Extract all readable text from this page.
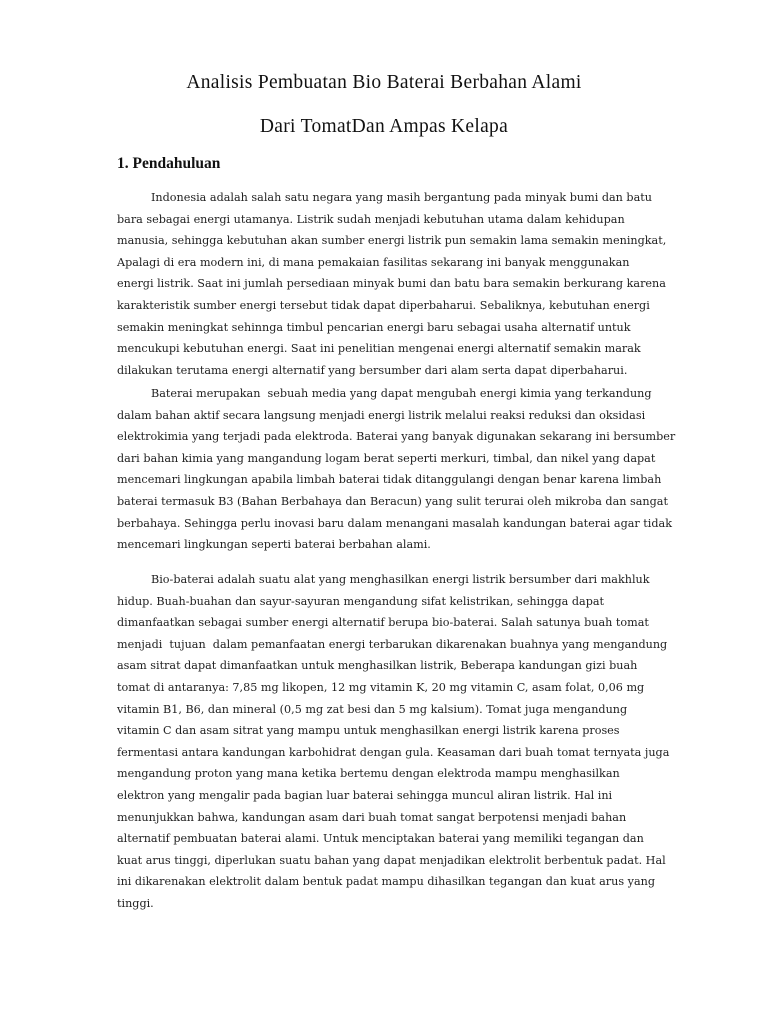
Analisis Pembuatan Bio Baterai Berbahan Alami
Dari TomatDan Ampas Kelapa
1. Pendahuluan
Indonesia adalah salah satu negara yang masih bergantung pada minyak bumi dan batu
bara sebagai energi utamanya. Listrik sudah menjadi kebutuhan utama dalam kehidupan
manusia, sehingga kebutuhan akan sumber energi listrik pun semakin lama semakin meningkat,
Apalagi di era modern ini, di mana pemakaian fasilitas sekarang ini banyak menggunakan
energi listrik. Saat ini jumlah persediaan minyak bumi dan batu bara semakin berkurang karena
karakteristik sumber energi tersebut tidak dapat diperbaharui. Sebaliknya, kebutuhan energi
semakin meningkat sehinnga timbul pencarian energi baru sebagai usaha alternatif untuk
mencukupi kebutuhan energi. Saat ini penelitian mengenai energi alternatif semakin marak
dilakukan terutama energi alternatif yang bersumber dari alam serta dapat diperbaharui.
Baterai merupakan  sebuah media yang dapat mengubah energi kimia yang terkandung
dalam bahan aktif secara langsung menjadi energi listrik melalui reaksi reduksi dan oksidasi
elektrokimia yang terjadi pada elektroda. Baterai yang banyak digunakan sekarang ini bersumber
dari bahan kimia yang mangandung logam berat seperti merkuri, timbal, dan nikel yang dapat
mencemari lingkungan apabila limbah baterai tidak ditanggulangi dengan benar karena limbah
baterai termasuk B3 (Bahan Berbahaya dan Beracun) yang sulit terurai oleh mikroba dan sangat
berbahaya. Sehingga perlu inovasi baru dalam menangani masalah kandungan baterai agar tidak
mencemari lingkungan seperti baterai berbahan alami.
Bio-baterai adalah suatu alat yang menghasilkan energi listrik bersumber dari makhluk
hidup. Buah-buahan dan sayur-sayuran mengandung sifat kelistrikan, sehingga dapat
dimanfaatkan sebagai sumber energi alternatif berupa bio-baterai. Salah satunya buah tomat
menjadi  tujuan  dalam pemanfaatan energi terbarukan dikarenakan buahnya yang mengandung
asam sitrat dapat dimanfaatkan untuk menghasilkan listrik, Beberapa kandungan gizi buah
tomat di antaranya: 7,85 mg likopen, 12 mg vitamin K, 20 mg vitamin C, asam folat, 0,06 mg
vitamin B1, B6, dan mineral (0,5 mg zat besi dan 5 mg kalsium). Tomat juga mengandung
vitamin C dan asam sitrat yang mampu untuk menghasilkan energi listrik karena proses
fermentasi antara kandungan karbohidrat dengan gula. Keasaman dari buah tomat ternyata juga
mengandung proton yang mana ketika bertemu dengan elektroda mampu menghasilkan
elektron yang mengalir pada bagian luar baterai sehingga muncul aliran listrik. Hal ini
menunjukkan bahwa, kandungan asam dari buah tomat sangat berpotensi menjadi bahan
alternatif pembuatan baterai alami. Untuk menciptakan baterai yang memiliki tegangan dan
kuat arus tinggi, diperlukan suatu bahan yang dapat menjadikan elektrolit berbentuk padat. Hal
ini dikarenakan elektrolit dalam bentuk padat mampu dihasilkan tegangan dan kuat arus yang
tinggi.
